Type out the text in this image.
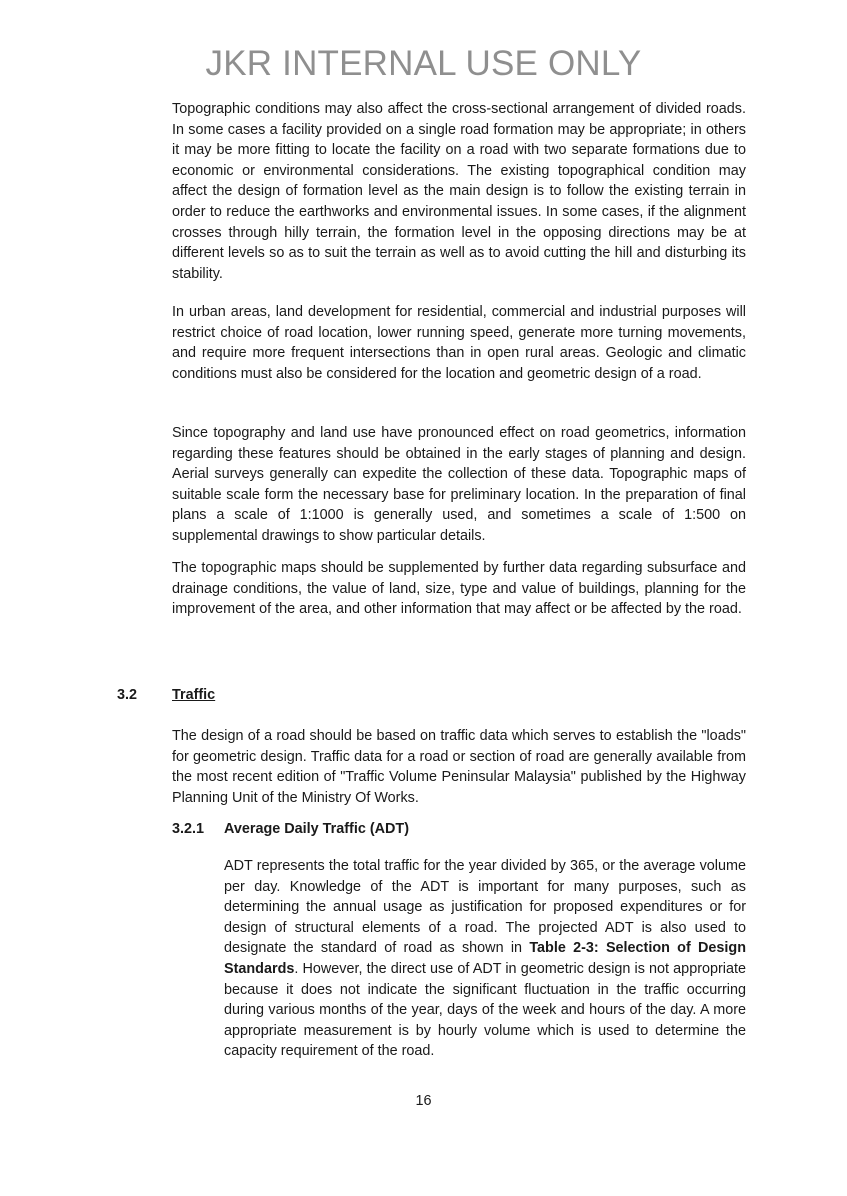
JKR INTERNAL USE ONLY

Topographic conditions may also affect the cross-sectional arrangement of divided roads. In some cases a facility provided on a single road formation may be appropriate; in others it may be more fitting to locate the facility on a road with two separate formations due to economic or environmental considerations. The existing topographical condition may affect the design of formation level as the main design is to follow the existing terrain in order to reduce the earthworks and environmental issues. In some cases, if the alignment crosses through hilly terrain, the formation level in the opposing directions may be at different levels so as to suit the terrain as well as to avoid cutting the hill and disturbing its stability.

In urban areas, land development for residential, commercial and industrial purposes will restrict choice of road location, lower running speed, generate more turning movements, and require more frequent intersections than in open rural areas. Geologic and climatic conditions must also be considered for the location and geometric design of a road.

Since topography and land use have pronounced effect on road geometrics, information regarding these features should be obtained in the early stages of planning and design. Aerial surveys generally can expedite the collection of these data. Topographic maps of suitable scale form the necessary base for preliminary location. In the preparation of final plans a scale of 1:1000 is generally used, and sometimes a scale of 1:500 on supplemental drawings to show particular details.

The topographic maps should be supplemented by further data regarding subsurface and drainage conditions, the value of land, size, type and value of buildings, planning for the improvement of the area, and other information that may affect or be affected by the road.

3.2 Traffic

The design of a road should be based on traffic data which serves to establish the "loads" for geometric design. Traffic data for a road or section of road are generally available from the most recent edition of "Traffic Volume Peninsular Malaysia" published by the Highway Planning Unit of the Ministry Of Works.

3.2.1 Average Daily Traffic (ADT)

ADT represents the total traffic for the year divided by 365, or the average volume per day. Knowledge of the ADT is important for many purposes, such as determining the annual usage as justification for proposed expenditures or for design of structural elements of a road. The projected ADT is also used to designate the standard of road as shown in Table 2-3: Selection of Design Standards. However, the direct use of ADT in geometric design is not appropriate because it does not indicate the significant fluctuation in the traffic occurring during various months of the year, days of the week and hours of the day. A more appropriate measurement is by hourly volume which is used to determine the capacity requirement of the road.

16
